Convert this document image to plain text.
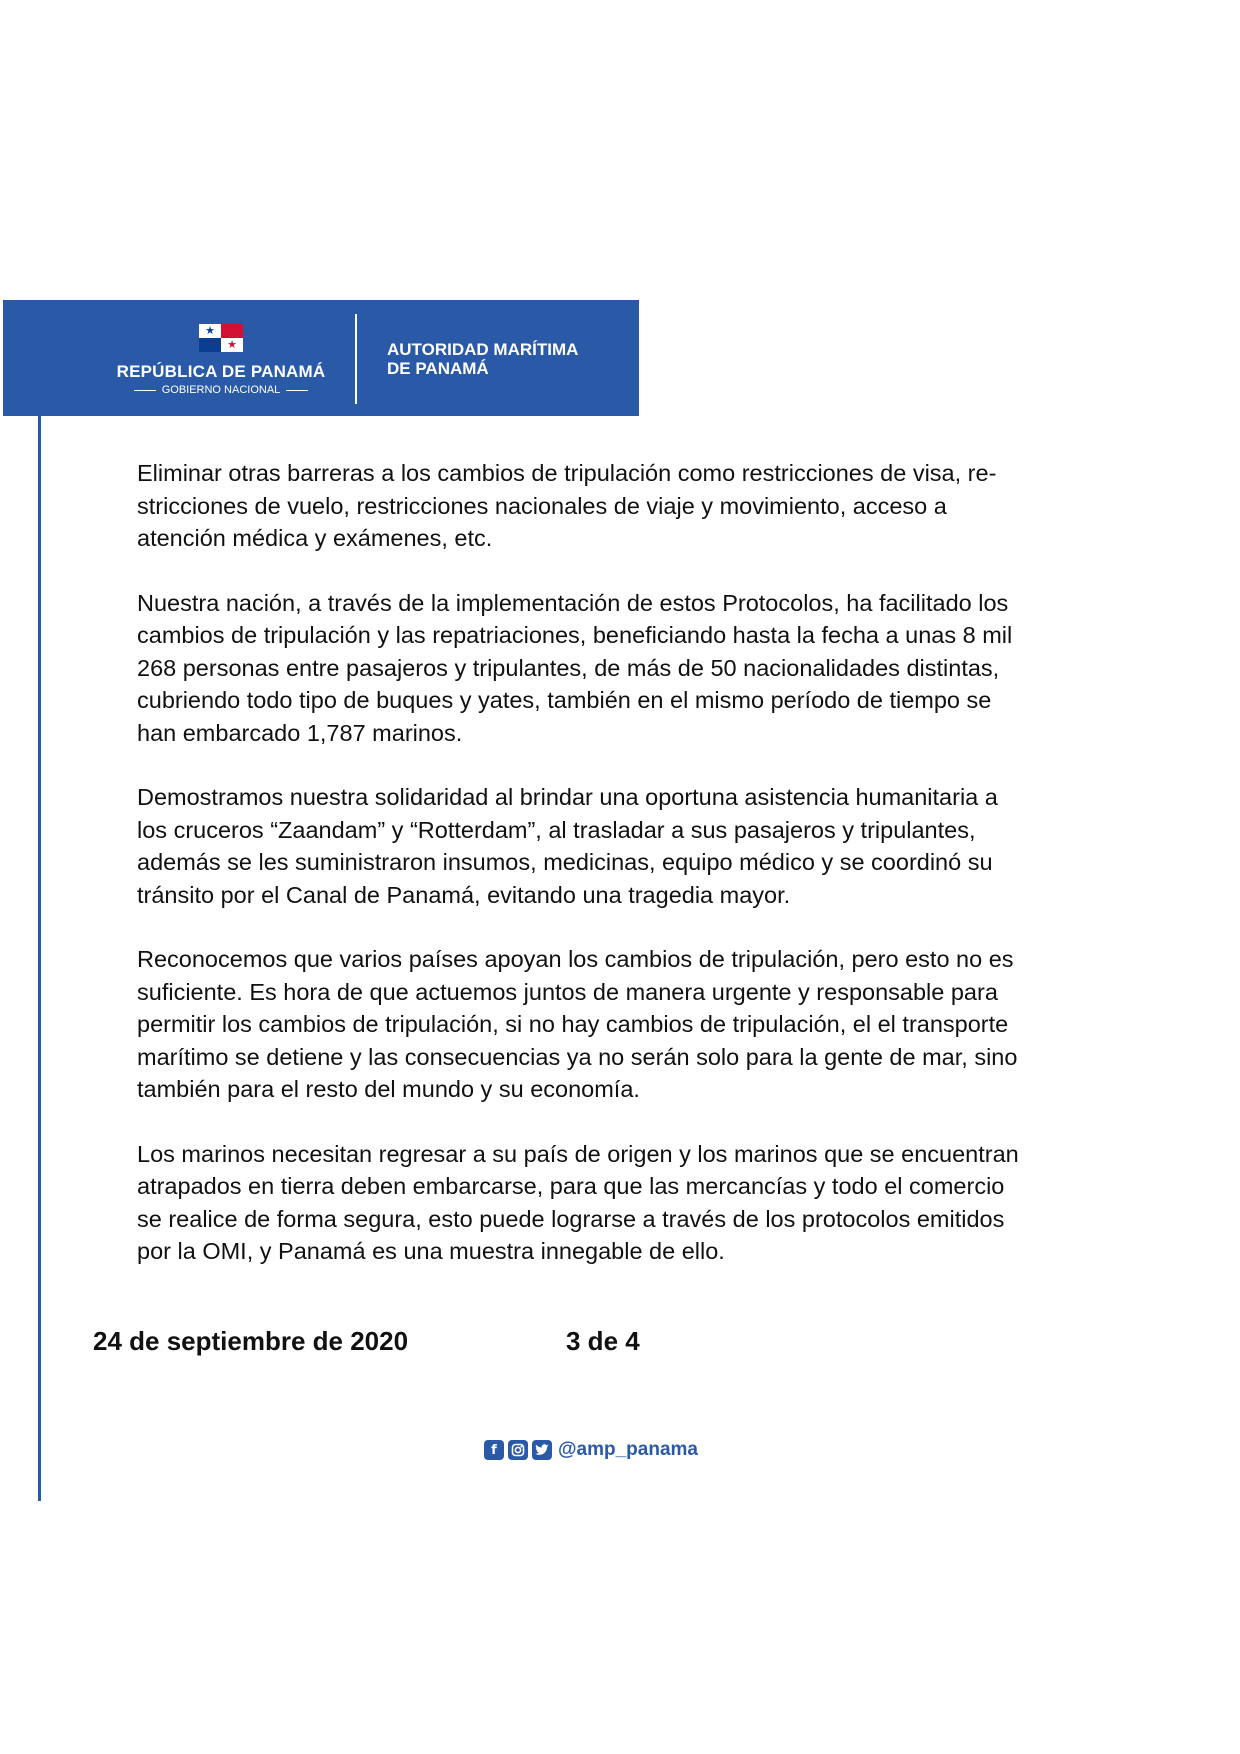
★
★
REPÚBLICA DE PANAMÁ
GOBIERNO NACIONAL
AUTORIDAD MARÍTIMA
DE PANAMÁ

Eliminar otras barreras a los cambios de tripulación como restricciones de visa, re-
stricciones de vuelo, restricciones nacionales de viaje y movimiento, acceso a
atención médica y exámenes, etc.

Nuestra nación, a través de la implementación de estos Protocolos, ha facilitado los
cambios de tripulación y las repatriaciones, beneficiando hasta la fecha a unas 8 mil
268 personas entre pasajeros y tripulantes, de más de 50 nacionalidades distintas,
cubriendo todo tipo de buques y yates, también en el mismo período de tiempo se
han embarcado 1,787 marinos.

Demostramos nuestra solidaridad al brindar una oportuna asistencia humanitaria a
los cruceros “Zaandam” y “Rotterdam”, al trasladar a sus pasajeros y tripulantes,
además se les suministraron insumos, medicinas, equipo médico y se coordinó su
tránsito por el Canal de Panamá, evitando una tragedia mayor.

Reconocemos que varios países apoyan los cambios de tripulación, pero esto no es
suficiente. Es hora de que actuemos juntos de manera urgente y responsable para
permitir los cambios de tripulación, si no hay cambios de tripulación, el el transporte
marítimo se detiene y las consecuencias ya no serán solo para la gente de mar, sino
también para el resto del mundo y su economía.

Los marinos necesitan regresar a su país de origen y los marinos que se encuentran
atrapados en tierra deben embarcarse, para que las mercancías y todo el comercio
se realice de forma segura, esto puede lograrse a través de los protocolos emitidos
por la OMI, y Panamá es una muestra innegable de ello.

24 de septiembre de 2020	3 de 4
f	@amp_panama
